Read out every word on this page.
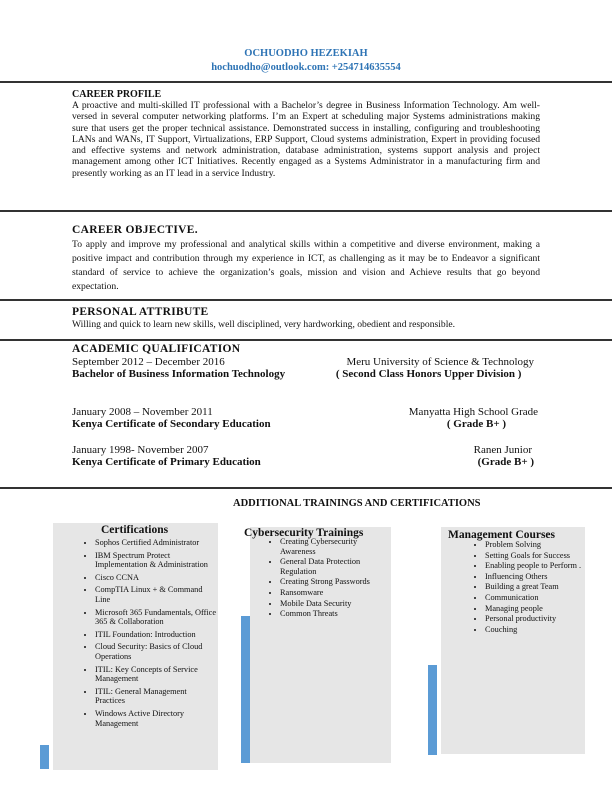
OCHUODHO HEZEKIAH
hochuodho@outlook.com: +254714635554
CAREER PROFILE
A proactive and multi-skilled IT professional with a Bachelor’s degree in Business Information Technology. Am well-versed in several computer networking platforms. I’m an Expert at scheduling major Systems administrations making sure that users get the proper technical assistance. Demonstrated success in installing, configuring and troubleshooting LANs and WANs, IT Support, Virtualizations, ERP Support, Cloud systems administration, Expert in providing focused and effective systems and network administration, database administration, systems support analysis and project management among other ICT Initiatives. Recently engaged as a Systems Administrator in a manufacturing firm and presently working as an IT lead in a service Industry.
CAREER OBJECTIVE.
To apply and improve my professional and analytical skills within a competitive and diverse environment, making a positive impact and contribution through my experience in ICT, as challenging as it may be to Endeavor a significant standard of service to achieve the organization’s goals, mission and vision and Achieve results that go beyond expectation.
PERSONAL ATTRIBUTE
Willing and quick to learn new skills, well disciplined, very hardworking, obedient and responsible.
ACADEMIC QUALIFICATION
September 2012 – December 2016	Meru University of Science & Technology

Bachelor of Business Information Technology	( Second Class Honors Upper Division )
January 2008 – November 2011	Manyatta High School Grade

Kenya Certificate of Secondary Education	( Grade B+ )
January 1998- November 2007	Ranen Junior

Kenya Certificate of Primary Education	(Grade B+ )
ADDITIONAL TRAININGS AND CERTIFICATIONS
Certifications
• Sophos Certified Administrator
• IBM Spectrum Protect Implementation & Administration
• Cisco CCNA
• CompTIA Linux + & Command Line
• Microsoft 365 Fundamentals, Office 365 & Collaboration
• ITIL Foundation: Introduction
• Cloud Security: Basics of Cloud Operations
• ITIL: Key Concepts of Service Management
• ITIL: General Management Practices
• Windows Active Directory Management
Cybersecurity Trainings
• Creating Cybersecurity Awareness
• General Data Protection Regulation
• Creating Strong Passwords
• Ransomware
• Mobile Data Security
• Common Threats
Management Courses
• Problem Solving
• Setting Goals for Success
• Enabling people to Perform .
• Influencing Others
• Building a great Team
• Communication
• Managing people
• Personal productivity
• Couching
